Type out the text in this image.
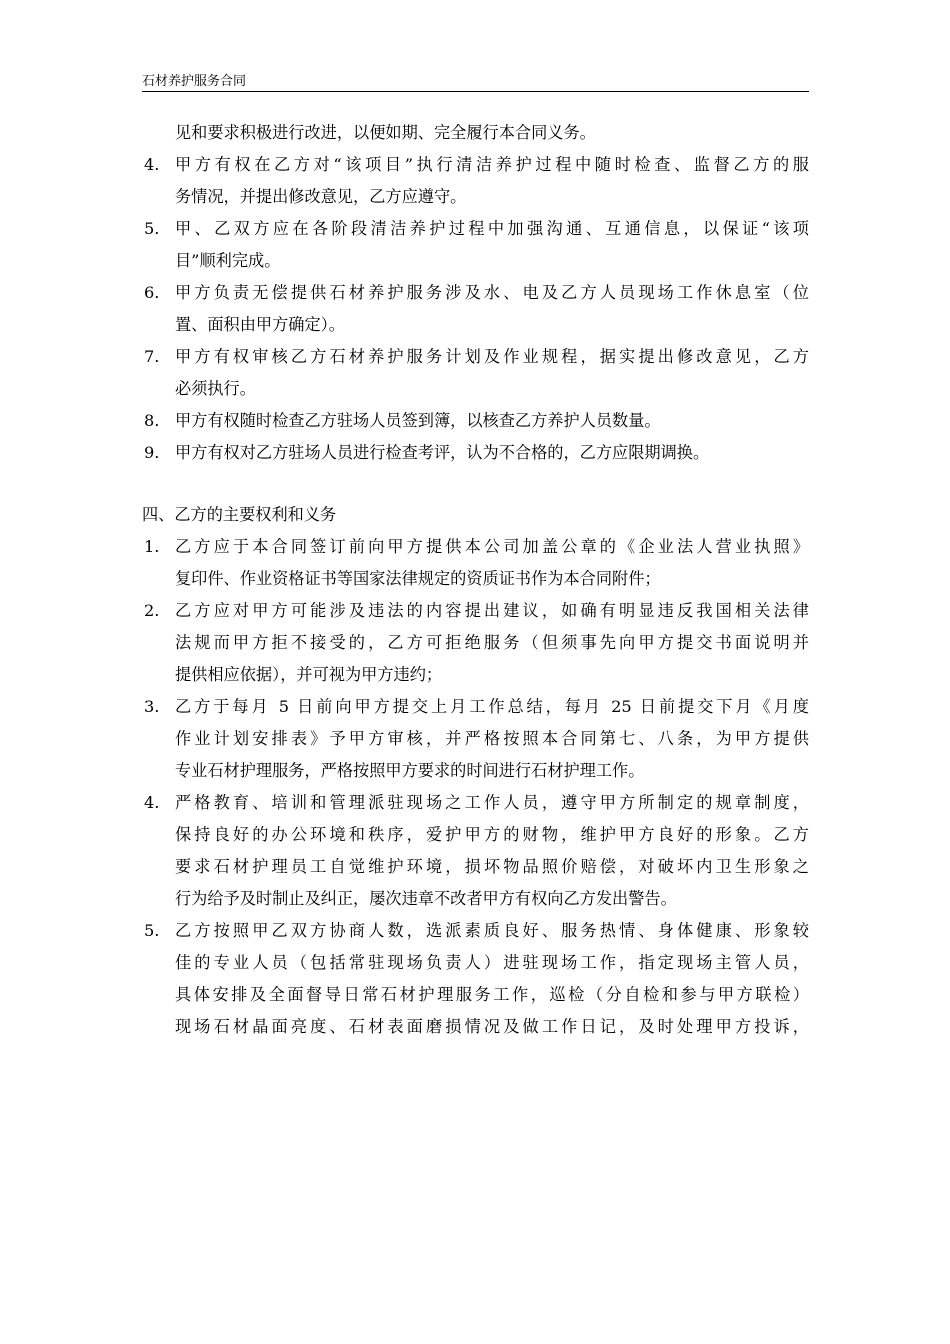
石材养护服务合同
见和要求积极进行改进，以便如期、完全履行本合同义务。
4. 甲方有权在乙方对“该项目”执行清洁养护过程中随时检查、监督乙方的服
务情况，并提出修改意见，乙方应遵守。
5. 甲、乙双方应在各阶段清洁养护过程中加强沟通、互通信息，以保证“该项
目”顺利完成。
6. 甲方负责无偿提供石材养护服务涉及水、电及乙方人员现场工作休息室（位
置、面积由甲方确定）。
7. 甲方有权审核乙方石材养护服务计划及作业规程，据实提出修改意见，乙方
必须执行。
8. 甲方有权随时检查乙方驻场人员签到簿，以核查乙方养护人员数量。
9. 甲方有权对乙方驻场人员进行检查考评，认为不合格的，乙方应限期调换。
四、乙方的主要权利和义务
1. 乙方应于本合同签订前向甲方提供本公司加盖公章的《企业法人营业执照》
复印件、作业资格证书等国家法律规定的资质证书作为本合同附件；
2. 乙方应对甲方可能涉及违法的内容提出建议，如确有明显违反我国相关法律
法规而甲方拒不接受的，乙方可拒绝服务（但须事先向甲方提交书面说明并
提供相应依据），并可视为甲方违约；
3. 乙方于每月 5 日前向甲方提交上月工作总结，每月 25 日前提交下月《月度
作业计划安排表》予甲方审核，并严格按照本合同第七、八条，为甲方提供
专业石材护理服务，严格按照甲方要求的时间进行石材护理工作。
4. 严格教育、培训和管理派驻现场之工作人员，遵守甲方所制定的规章制度，
保持良好的办公环境和秩序，爱护甲方的财物，维护甲方良好的形象。乙方
要求石材护理员工自觉维护环境，损坏物品照价赔偿，对破坏内卫生形象之
行为给予及时制止及纠正，屡次违章不改者甲方有权向乙方发出警告。
5. 乙方按照甲乙双方协商人数，选派素质良好、服务热情、身体健康、形象较
佳的专业人员（包括常驻现场负责人）进驻现场工作，指定现场主管人员，
具体安排及全面督导日常石材护理服务工作，巡检（分自检和参与甲方联检）
现场石材晶面亮度、石材表面磨损情况及做工作日记，及时处理甲方投诉，
